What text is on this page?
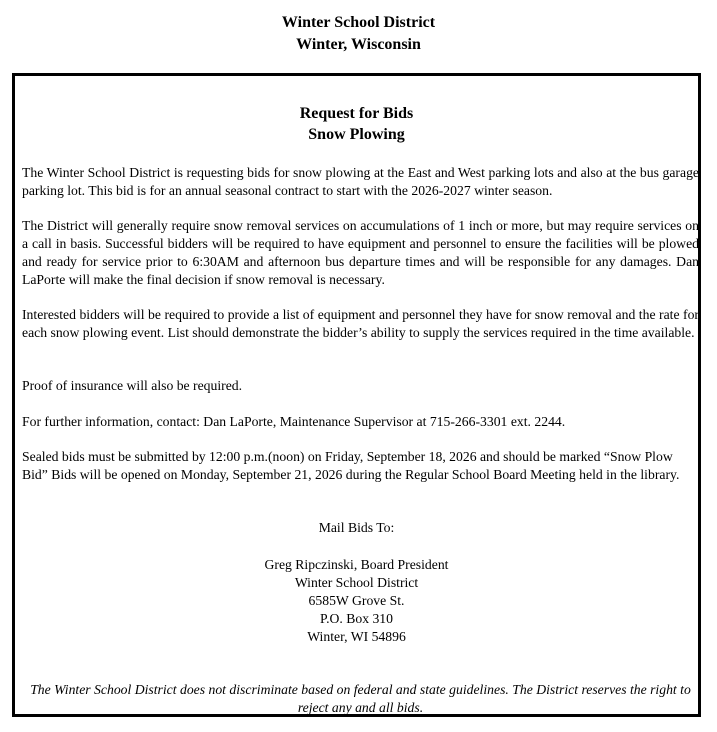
Winter School District
Winter, Wisconsin
Request for Bids
Snow Plowing
The Winter School District is requesting bids for snow plowing at the East and West parking lots and also at the bus garage parking lot. This bid is for an annual seasonal contract to start with the 2026-2027 winter season.
The District will generally require snow removal services on accumulations of 1 inch or more, but may require services on a call in basis. Successful bidders will be required to have equipment and personnel to ensure the facilities will be plowed and ready for service prior to 6:30AM and afternoon bus departure times and will be responsible for any damages. Dan LaPorte will make the final decision if snow removal is necessary.
Interested bidders will be required to provide a list of equipment and personnel they have for snow removal and the rate for each snow plowing event. List should demonstrate the bidder’s ability to supply the services required in the time available.
Proof of insurance will also be required.
For further information, contact: Dan LaPorte, Maintenance Supervisor at 715-266-3301 ext. 2244.
Sealed bids must be submitted by 12:00 p.m.(noon) on Friday, September 18, 2026 and should be marked “Snow Plow Bid” Bids will be opened on Monday, September 21, 2026 during the Regular School Board Meeting held in the library.
Mail Bids To:
Greg Ripczinski, Board President
Winter School District
6585W Grove St.
P.O. Box 310
Winter, WI 54896
The Winter School District does not discriminate based on federal and state guidelines. The District reserves the right to reject any and all bids.
